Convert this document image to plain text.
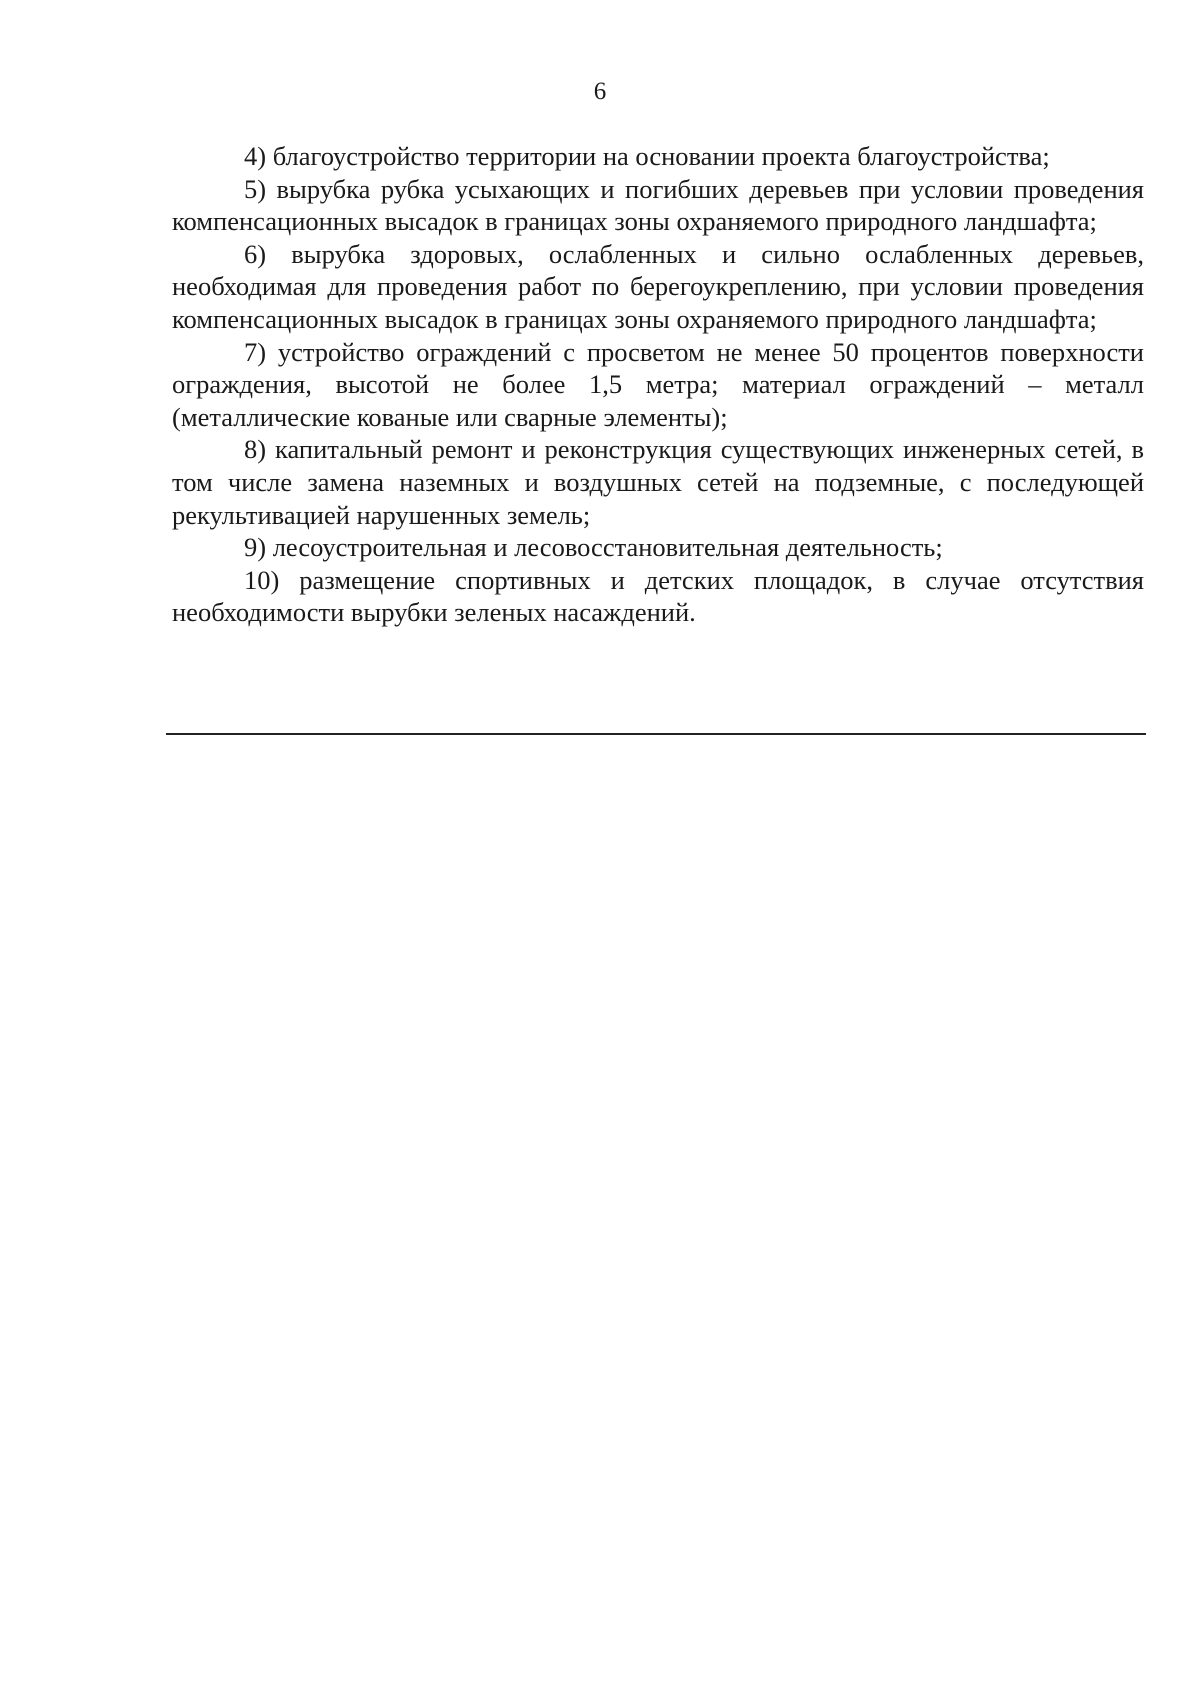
6

4) благоустройство территории на основании проекта благоустройства;

5) вырубка рубка усыхающих и погибших деревьев при условии проведения компенсационных высадок в границах зоны охраняемого природного ландшафта;

6) вырубка здоровых, ослабленных и сильно ослабленных деревьев, необходимая для проведения работ по берегоукреплению, при условии проведения компенсационных высадок в границах зоны охраняемого природного ландшафта;

7) устройство ограждений с просветом не менее 50 процентов поверхности ограждения, высотой не более 1,5 метра; материал ограждений – металл (металлические кованые или сварные элементы);

8) капитальный ремонт и реконструкция существующих инженерных сетей, в том числе замена наземных и воздушных сетей на подземные, с последующей рекультивацией нарушенных земель;

9) лесоустроительная и лесовосстановительная деятельность;

10) размещение спортивных и детских площадок, в случае отсутствия необходимости вырубки зеленых насаждений.
